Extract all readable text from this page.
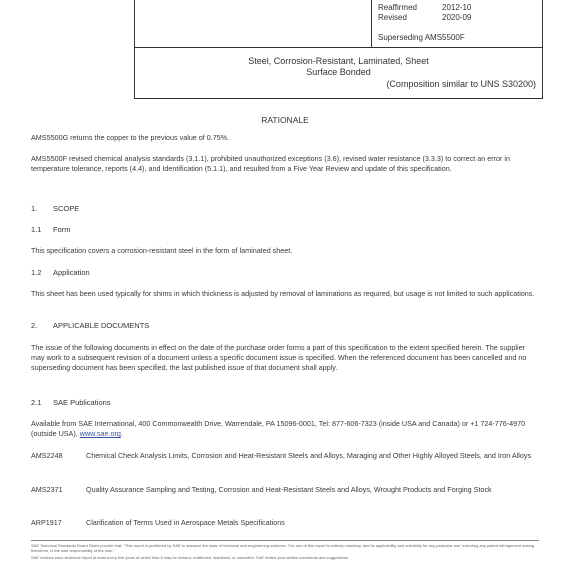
Reaffirmed	2012-10
Revised	2020-09
Superseding AMS5500F
Steel, Corrosion-Resistant, Laminated, Sheet
Surface Bonded
(Composition similar to UNS S30200)
RATIONALE
AMS5500G returns the copper to the previous value of 0.75%.
AMS5500F revised chemical analysis standards (3.1.1), prohibited unauthorized exceptions (3.6), revised water resistance (3.3.3) to correct an error in temperature tolerance, reports (4.4), and Identification (5.1.1), and resulted from a Five Year Review and update of this specification.
1. SCOPE
1.1 Form
This specification covers a corrosion-resistant steel in the form of laminated sheet.
1.2 Application
This sheet has been used typically for shims in which thickness is adjusted by removal of laminations as required, but usage is not limited to such applications.
2. APPLICABLE DOCUMENTS
The issue of the following documents in effect on the date of the purchase order forms a part of this specification to the extent specified herein. The supplier may work to a subsequent revision of a document unless a specific document issue is specified. When the referenced document has been cancelled and no superseding document has been specified, the last published issue of that document shall apply.
2.1 SAE Publications
Available from SAE International, 400 Commonwealth Drive, Warrendale, PA 15096-0001, Tel: 877-606-7323 (inside USA and Canada) or +1 724-776-4970 (outside USA), www.sae.org.
AMS2248	Chemical Check Analysis Limits, Corrosion and Heat-Resistant Steels and Alloys, Maraging and Other Highly Alloyed Steels, and Iron Alloys
AMS2371	Quality Assurance Sampling and Testing, Corrosion and Heat-Resistant Steels and Alloys, Wrought Products and Forging Stock
ARP1917	Clarification of Terms Used in Aerospace Metals Specifications
SAE Technical Standards Board Rules provide that: "This report is published by SAE to advance the state of technical and engineering sciences. The use of this report is entirely voluntary, and its applicability and suitability for any particular use, including any patent infringement arising therefrom, is the sole responsibility of the user."
SAE reviews each technical report at least every five years at which time it may be revised, reaffirmed, stabilized, or cancelled. SAE invites your written comments and suggestions.
